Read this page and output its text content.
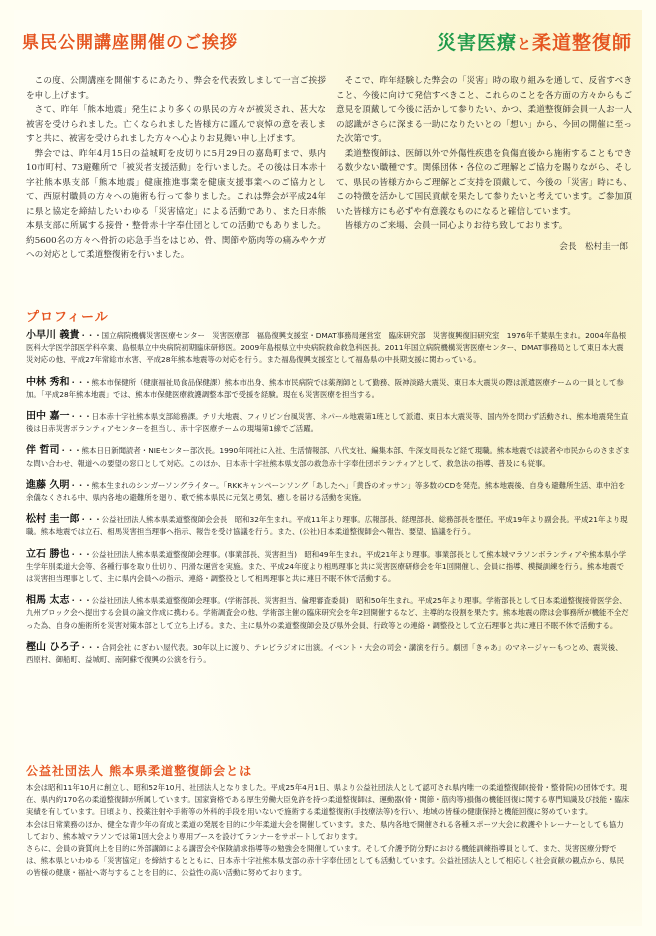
県民公開講座開催のご挨拶	災害医療と柔道整復師

この度、公開講座を開催するにあたり、弊会を代表致しまして一言ご挨拶を申し上げます。

さて、昨年「熊本地震」発生により多くの県民の方々が被災され、甚大な被害を受けられました。亡くなられました皆様方に謹んで哀悼の意を表しますと共に、被害を受けられました方々へ心よりお見舞い申し上げます。

弊会では、昨年4月15日の益城町を皮切りに5月29日の嘉島町まで、県内10市町村、73避難所で「被災者支援活動」を行いました。その後は日本赤十字社熊本県支部「熊本地震」健康推進事業を健康支援事業へのご協力として、西原村職員の方々への施術も行って参りました。これは弊会が平成24年に県と協定を締結したいわゆる「災害協定」による活動であり、また日赤熊本県支部に所属する接骨・整骨赤十字奉仕団としての活動でもありました。約5600名の方々へ骨折の応急手当をはじめ、骨、関節や筋肉等の痛みやケガへの対応として柔道整復術を行いました。

そこで、昨年経験した弊会の「災害」時の取り組みを通して、反省すべきこと、今後に向けて発信すべきこと、これらのことを各方面の方々からもご意見を頂戴して今後に活かして参りたい、かつ、柔道整復師会員一人お一人の認識がさらに深まる一助になりたいとの「想い」から、今回の開催に至った次第です。

柔道整復師は、医師以外で外傷性疾患を負傷直後から施術することもできる数少ない職種です。関係団体・各位のご理解とご協力を賜りながら、そして、県民の皆様方からご理解とご支持を頂戴して、今後の「災害」時にも、この特徴を活かして国民貢献を果たして参りたいと考えています。ご参加頂いた皆様方にも必ずや有意義なものになると確信しています。

皆様方のご来場、会員一同心よりお待ち致しております。

会長　松村圭一郎

プロフィール

小早川 義貴・・・国立病院機構災害医療センター　災害医療部　福島復興支援室・DMAT事務局運営室　臨床研究部　災害復興復旧研究室　1976年千葉県生まれ。2004年島根医科大学医学部医学科卒業、島根県立中央病院初期臨床研修医。2009年島根県立中央病院救命救急科医長。2011年国立病院機構災害医療センター、DMAT事務局として東日本大震災対応の他、平成27年常総市水害、平成28年熊本地震等の対応を行う。また福島復興支援室として福島県の中長期支援に関わっている。

中林 秀和・・・熊本市保健所（健康福祉局食品保健課）熊本市出身、熊本市民病院では薬剤師として勤務、阪神淡路大震災、東日本大震災の際は派遣医療チームの一員として参加。「平成28年熊本地震」では、熊本市保健医療救護調整本部で受援を経験。現在も災害医療を担当する。

田中 嘉一・・・日本赤十字社熊本県支部総務課。チリ大地震、フィリピン台風災害、ネパール地震第1班として派遣、東日本大震災等、国内外を問わず活動され、熊本地震発生直後は日赤災害ボランティアセンターを担当し、赤十字医療チームの現場第1線でご活躍。

伴 哲司・・・熊本日日新聞読者・NIEセンター部次長。1990年同社に入社、生活情報部、八代支社、編集本部、牛深支局長など経て現職。熊本地震では読者や市民からのさまざまな問い合わせ、報道への要望の窓口として対応。このほか、日本赤十字社熊本県支部の救急赤十字奉仕団ボランティアとして、救急法の指導、普及にも従事。

進藤 久明・・・熊本生まれのシンガーソングライター。「RKKキャンペーンソング「あしたへ」「黄昏のオッサン」等多数のCDを発売。熊本地震後、自身も避難所生活、車中泊を余儀なくされる中、県内各地の避難所を廻り、歌で熊本県民に元気と勇気、癒しを届ける活動を実施。

松村 圭一郎・・・公益社団法人熊本県柔道整復師会会長　昭和32年生まれ。平成11年より理事。広報部長、経理部長、総務部長を歴任。平成19年より副会長。平成21年より現職。熊本地震では立石、相馬災害担当理事へ指示、報告を受け協議を行う。また、(公社)日本柔道整復師会へ報告、要望、協議を行う。

立石 勝也・・・公益社団法人熊本県柔道整復師会理事。(事業部長、災害担当)　昭和49年生まれ。平成21年より理事。事業部長として熊本城マラソンボランティアや熊本県小学生学年別柔道大会等、各種行事を取り仕切り、円滑な運営を実施。また、平成24年度より相馬理事と共に災害医療研修会を年1回開催し、会員に指導、模擬訓練を行う。熊本地震では災害担当理事として、主に県内会員への指示、連絡・調整役として相馬理事と共に連日不眠不休で活動する。

相馬 太志・・・公益社団法人熊本県柔道整復師会理事。(学術部長、災害担当、倫理審査委員)　昭和50年生まれ。平成25年より理事。学術部長として日本柔道整復接骨医学会、九州ブロック会へ提出する会員の論文作成に携わる。学術調査会の他、学術部主催の臨床研究会を年2回開催するなど、主導的な役割を果たす。熊本地震の際は会事務所が機能不全だった為、自身の施術所を災害対策本部として立ち上げる。また、主に県外の柔道整復師会及び県外会員、行政等との連絡・調整役として立石理事と共に連日不眠不休で活動する。

樫山 ひろ子・・・合同会社 にぎわい屋代表。30年以上に渡り、テレビラジオに出演。イベント・大会の司会・講演を行う。劇団「きゃあ」のマネージャーもつとめ、震災後、西原村、御船町、益城町、南阿蘇で復興の公演を行う。

公益社団法人 熊本県柔道整復師会とは

本会は昭和11年10月に創立し、昭和52年10月、社団法人となりました。平成25年4月1日、県より公益社団法人として認可され県内唯一の柔道整復師(接骨・整骨院)の団体です。現在、県内約170名の柔道整復師が所属しています。国家資格である厚生労働大臣免許を持つ柔道整復師は、運動器(骨・関節・筋肉等)損傷の機能回復に関する専門知識及び技能・臨床実績を有しています。日頃より、投薬注射や手術等の外科的手段を用いないで施術する柔道整復術(手技療法等)を行い、地域の皆様の健康保持と機能回復に努めています。

本会は日常業務のほか、健全な青少年の育成と柔道の発展を目的に少年柔道大会を開催しています。また、県内各地で開催される各種スポーツ大会に救護やトレーナーとしても協力しており、熊本城マラソンでは第1回大会より専用ブースを設けてランナーをサポートしております。

さらに、会員の資質向上を目的に外部講師による講習会や保険請求指導等の勉強会を開催しています。そして介護予防分野における機能訓練指導員として、また、災害医療分野では、熊本県といわゆる「災害協定」を締結するとともに、日本赤十字社熊本県支部の赤十字奉仕団としても活動しています。公益社団法人として相応しく社会貢献の観点から、県民の皆様の健康・福祉へ寄与することを目的に、公益性の高い活動に努めております。
